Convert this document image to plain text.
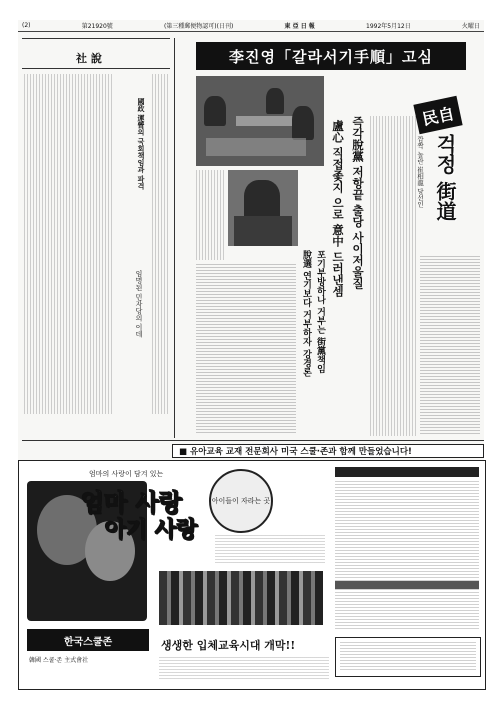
(2)	第21920號	(第三種郵便物認可)(日刊)	東 亞 日 報	1992年5月12日	火曜日
社 說
國政 運營의 국회책임과 파격
임명된 민자당의 이데
李진영「갈라서기手順」고심
盧心 직접좇지 으로 意中 드러낸셈 즉각脫黨 저항끝 출당 사이저울질
포기부방하나 거부는 街黨책임
脫選 연기보다 거부하자 강경론
民自
걱정 街道
깜짝 놀란 崔相龍 당선인
■ 유아교육 교재 전문회사 미국 스쿨·존과 함께 만들었습니다!
엄마의 사랑이 담겨 있는
엄마 사랑
아기 사랑
아이들이 자라는 곳
한국스쿨존
韓國 스쿨·존 主式會社
생생한 입체교육시대 개막!!
